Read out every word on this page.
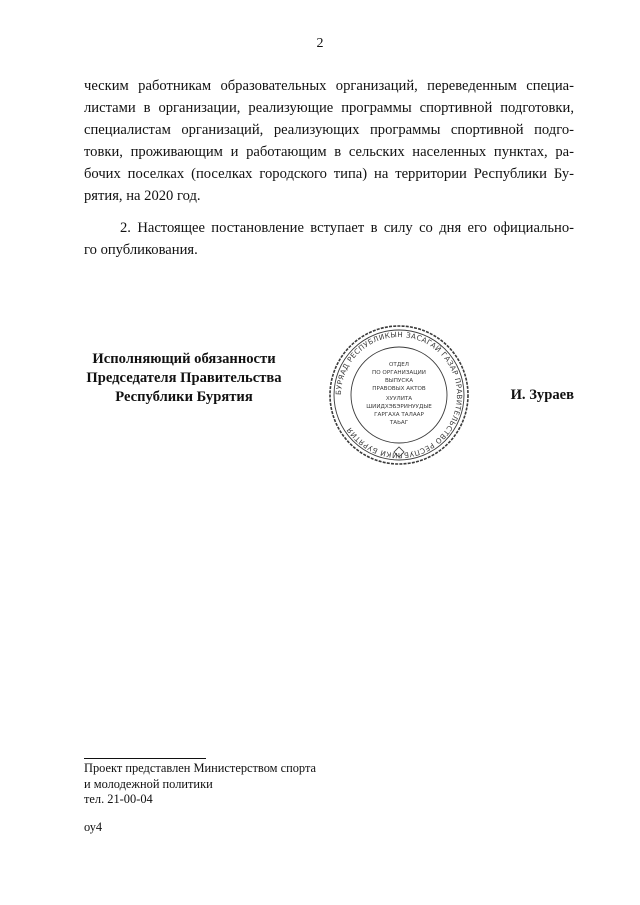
2
ческим работникам образовательных организаций, переведенным специа-
листами в организации, реализующие программы спортивной подготовки,
специалистам организаций, реализующих программы спортивной подго-
товки, проживающим и работающим в сельских населенных пунктах, ра-
бочих поселках (поселках городского типа) на территории Республики Бу-
рятия, на 2020 год.
2. Настоящее постановление вступает в силу со дня его официально-
го опубликования.
Исполняющий обязанности
Председателя Правительства
Республики Бурятия	БУРЯАД РЕСПУБЛИКЫН ЗАСАГАЙ ГАЗАР ПРАВИТЕЛЬСТВО РЕСПУБЛИКИ БУРЯТИЯ
ОТДЕЛ
ПО ОРГАНИЗАЦИИ
ВЫПУСКА
ПРАВОВЫХ АКТОВ
ХУУЛИТА
ШИИДХЭБЭРИНУУДЫЕ
ГАРГАХА ТАЛААР
ТАЬАГ
И. Зураев
Проект представлен Министерством спорта
и молодежной политики
тел. 21-00-04
оу4
